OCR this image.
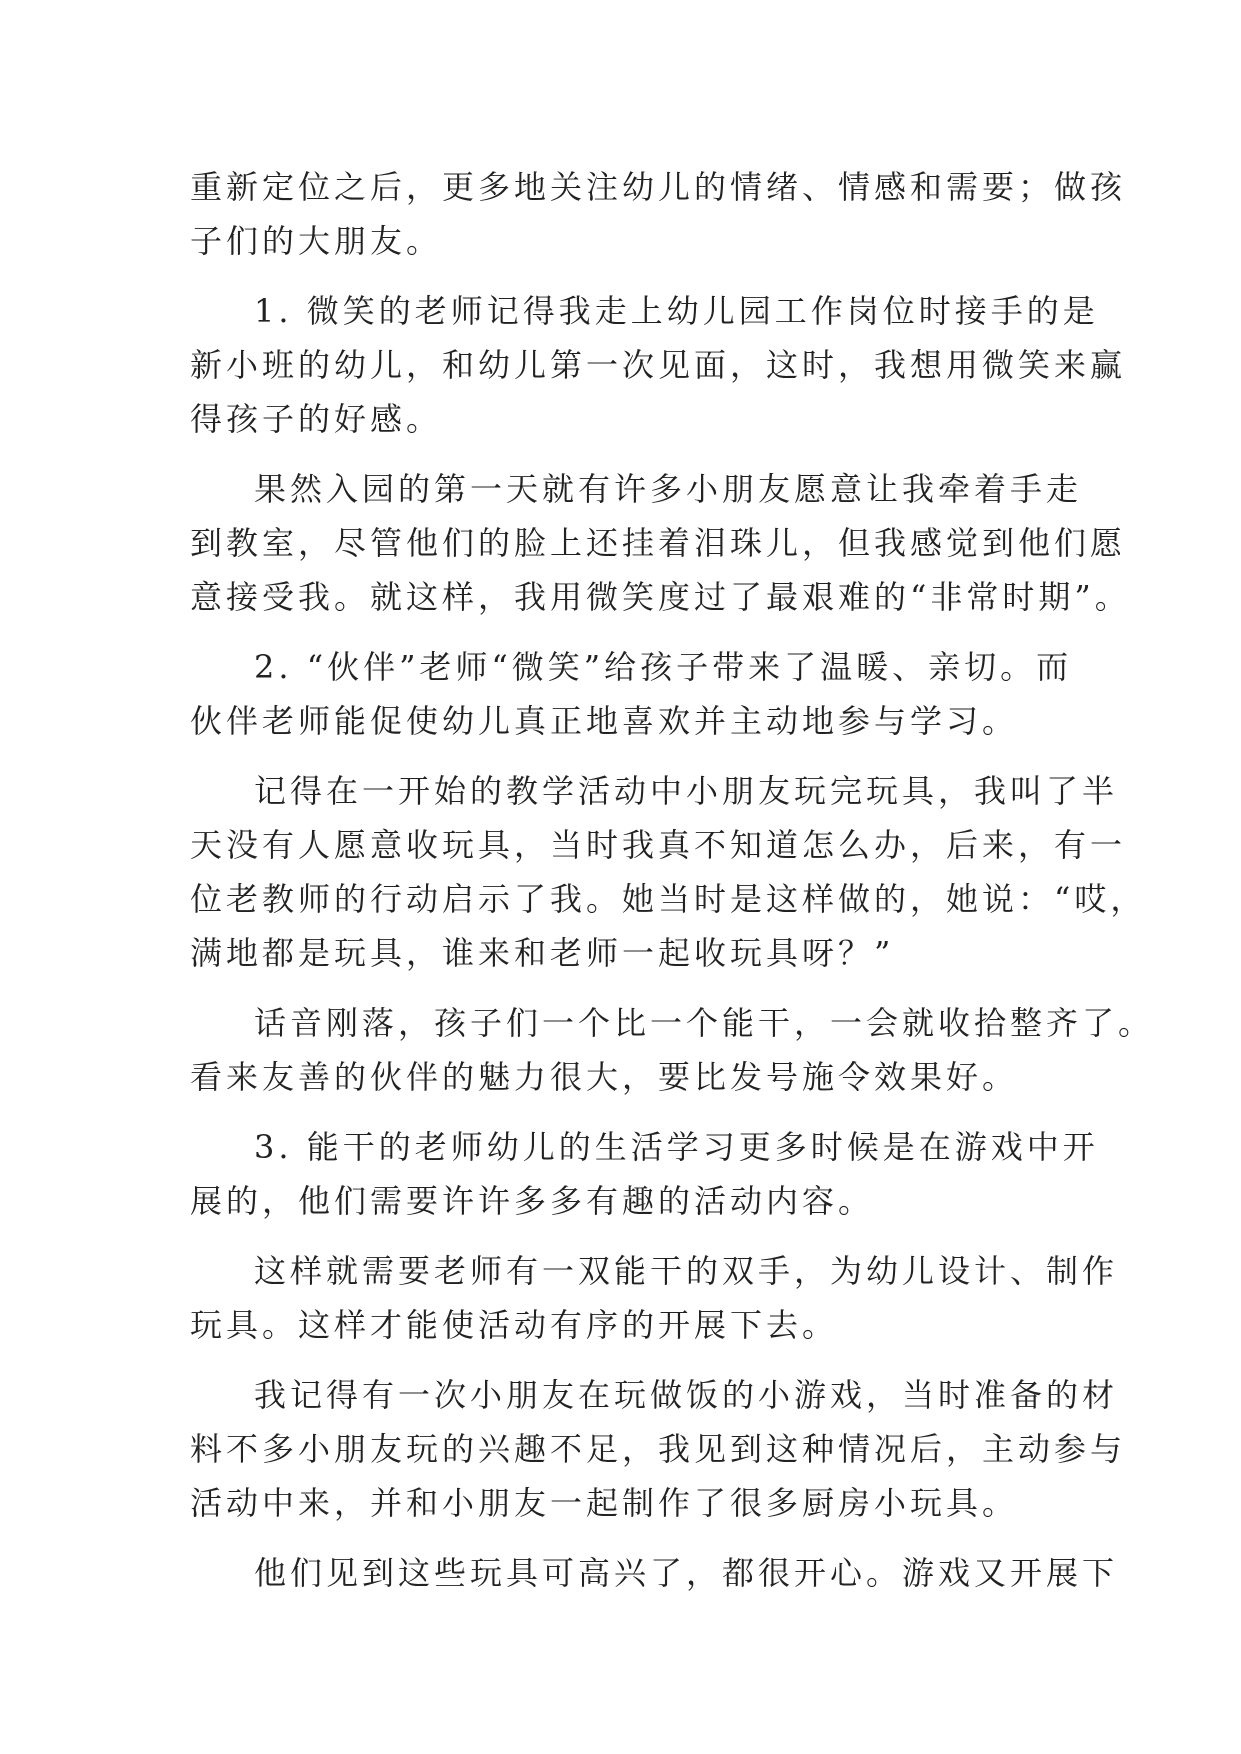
重新定位之后，更多地关注幼儿的情绪、情感和需要；做孩
子们的大朋友。
1. 微笑的老师记得我走上幼儿园工作岗位时接手的是
新小班的幼儿，和幼儿第一次见面，这时，我想用微笑来赢
得孩子的好感。
果然入园的第一天就有许多小朋友愿意让我牵着手走
到教室，尽管他们的脸上还挂着泪珠儿，但我感觉到他们愿
意接受我。就这样，我用微笑度过了最艰难的“非常时期”。
2. “伙伴”老师“微笑”给孩子带来了温暖、亲切。而
伙伴老师能促使幼儿真正地喜欢并主动地参与学习。
记得在一开始的教学活动中小朋友玩完玩具，我叫了半
天没有人愿意收玩具，当时我真不知道怎么办，后来，有一
位老教师的行动启示了我。她当时是这样做的，她说：“哎，
满地都是玩具，谁来和老师一起收玩具呀？”
话音刚落，孩子们一个比一个能干，一会就收拾整齐了。
看来友善的伙伴的魅力很大，要比发号施令效果好。
3. 能干的老师幼儿的生活学习更多时候是在游戏中开
展的，他们需要许许多多有趣的活动内容。
这样就需要老师有一双能干的双手，为幼儿设计、制作
玩具。这样才能使活动有序的开展下去。
我记得有一次小朋友在玩做饭的小游戏，当时准备的材
料不多小朋友玩的兴趣不足，我见到这种情况后，主动参与
活动中来，并和小朋友一起制作了很多厨房小玩具。
他们见到这些玩具可高兴了，都很开心。游戏又开展下
